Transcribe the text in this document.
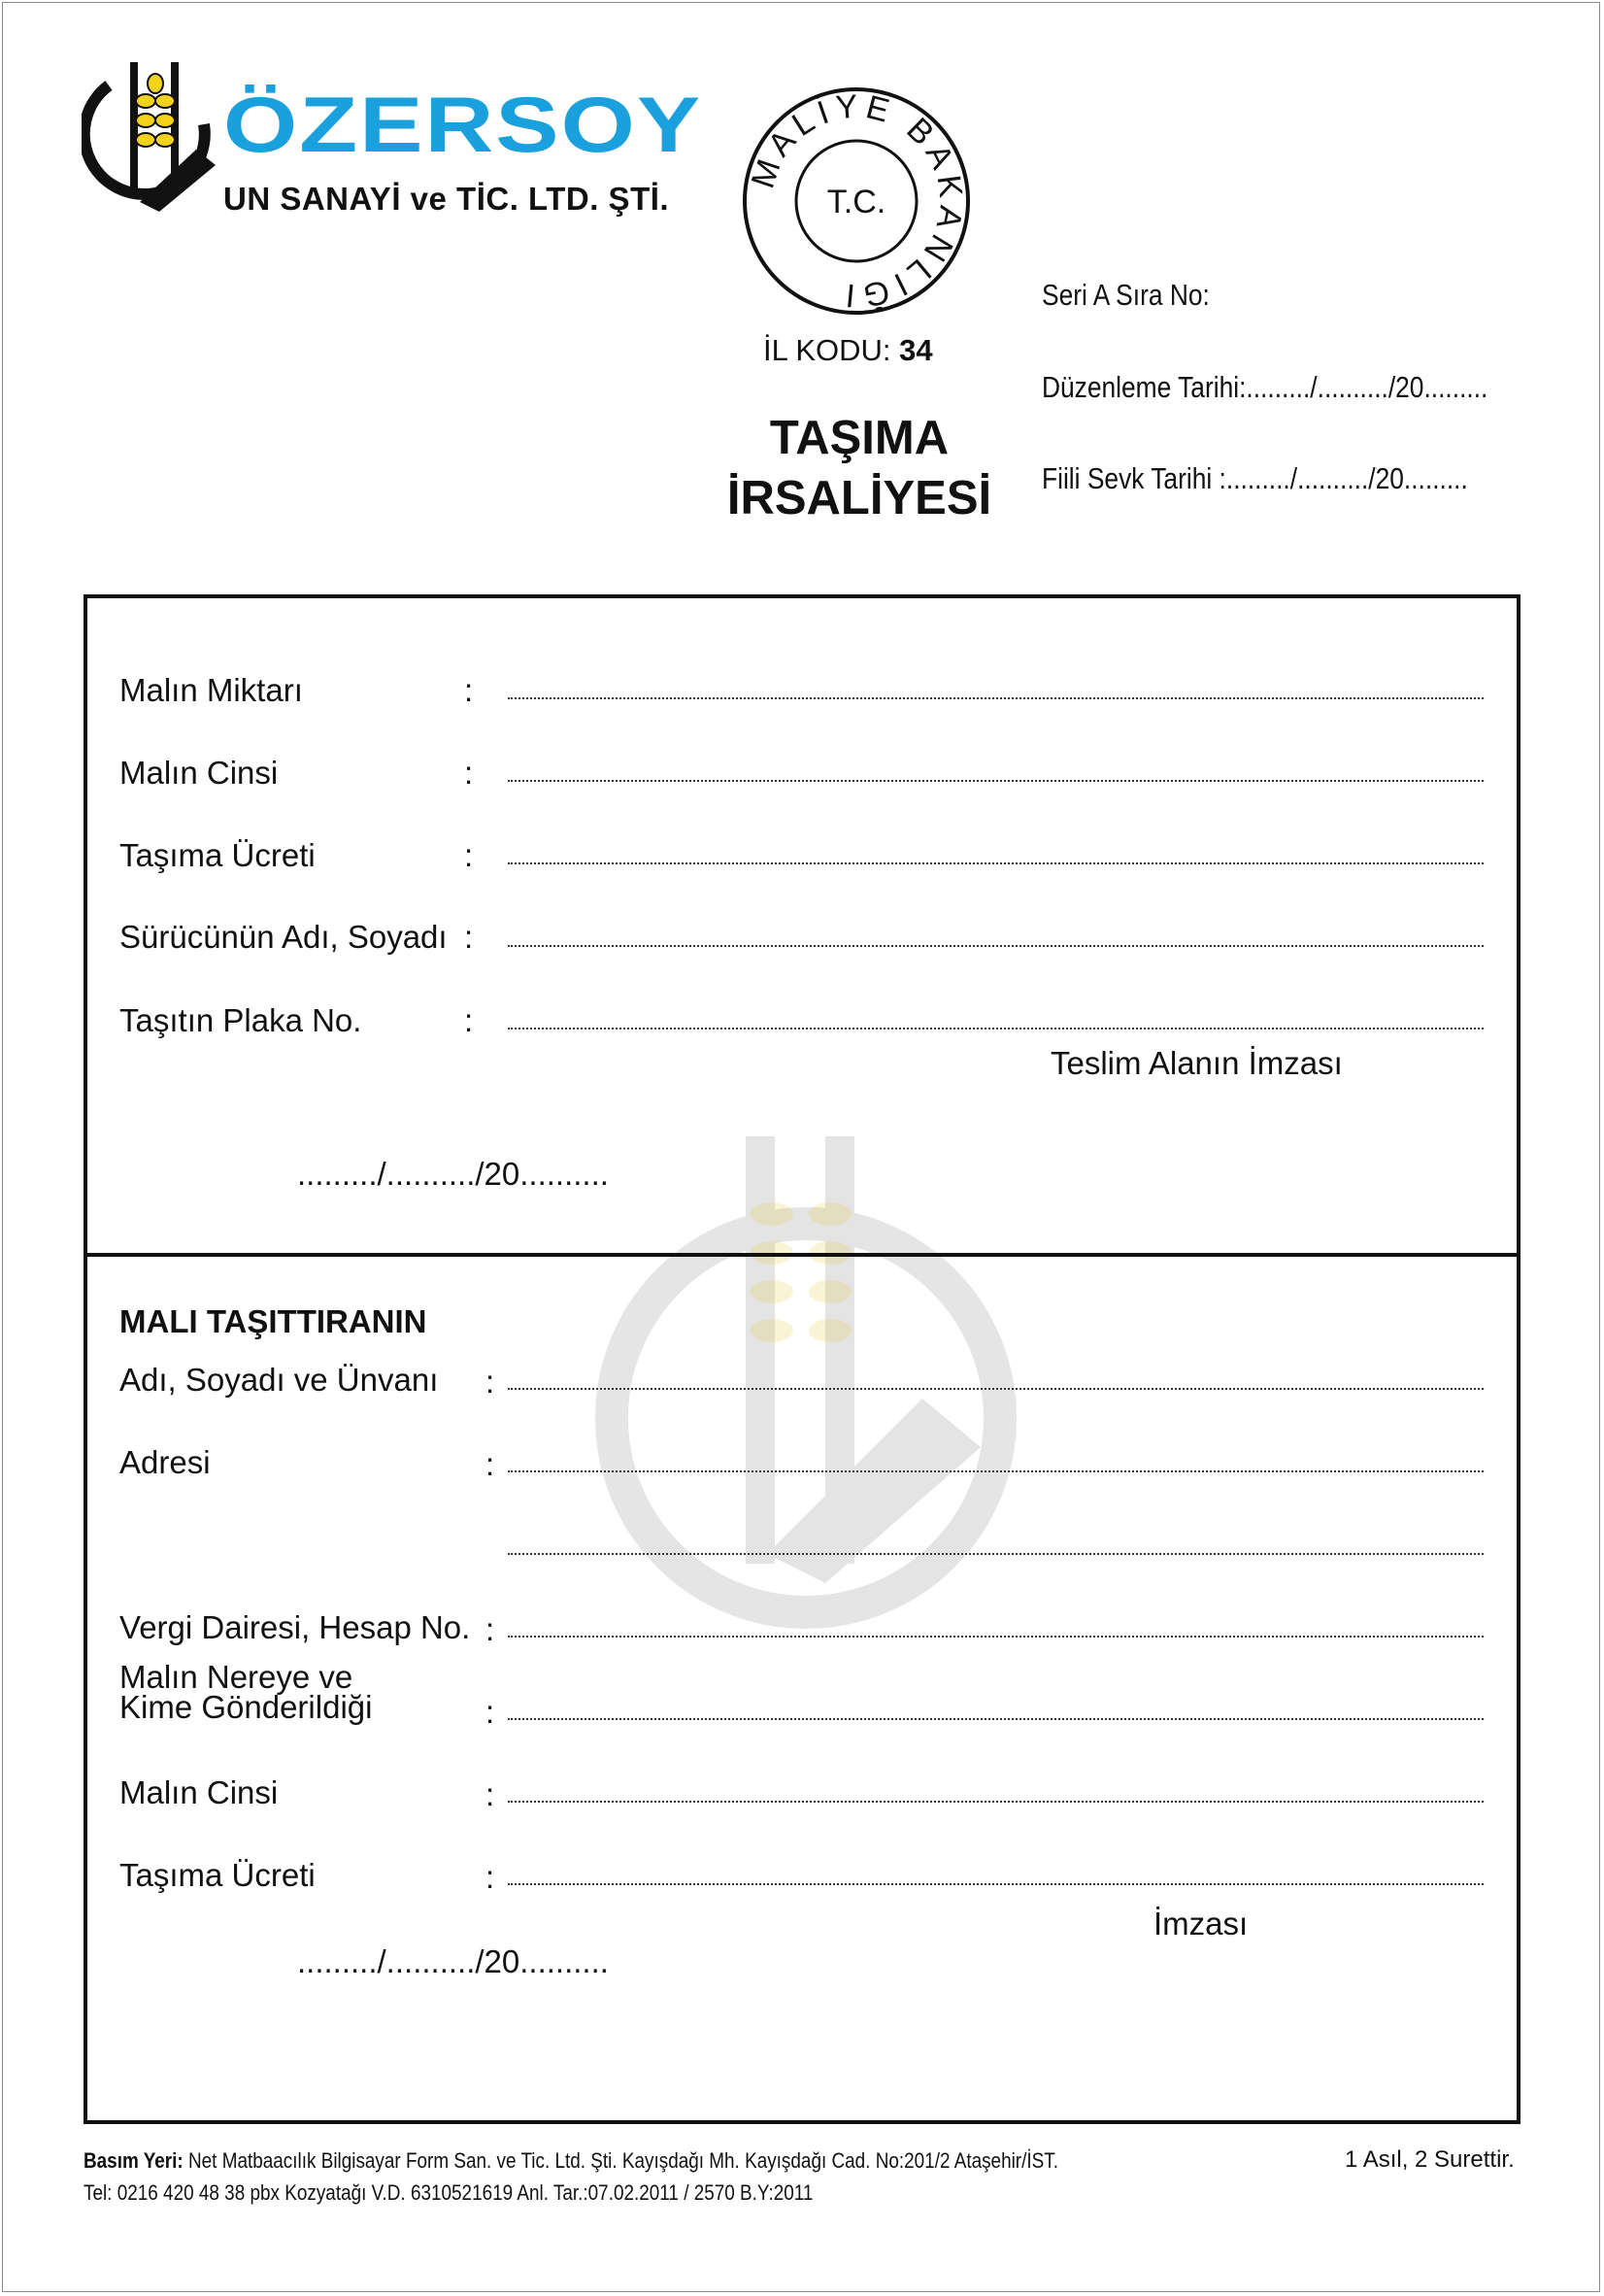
ÖZERSOY
UN SANAYİ ve TİC. LTD. ŞTİ.
MALİYE BAKANLIĞI
T.C.
İL KODU: 34
TAŞIMA
İRSALİYESİ
Seri A Sıra No:
Düzenleme Tarihi:........./........../20.........
Fiili Sevk Tarihi :........./........../20.........
Malın Miktarı	:
Malın Cinsi	:
Taşıma Ücreti	:
Sürücünün Adı, Soyadı :
Taşıtın Plaka No.	:
Teslim Alanın İmzası
........./........../20..........
MALI TAŞITTIRANIN
Adı, Soyadı ve Ünvanı :
Adresi	:
Vergi Dairesi, Hesap No. :
Malın Nereye ve
Kime Gönderildiği	:
Malın Cinsi	:
Taşıma Ücreti	:
İmzası
........./........../20..........
Basım Yeri: Net Matbaacılık Bilgisayar Form San. ve Tic. Ltd. Şti. Kayışdağı Mh. Kayışdağı Cad. No:201/2 Ataşehir/İST.
Tel: 0216 420 48 38 pbx Kozyatağı V.D. 6310521619 Anl. Tar.:07.02.2011 / 2570 B.Y:2011
1 Asıl, 2 Surettir.
